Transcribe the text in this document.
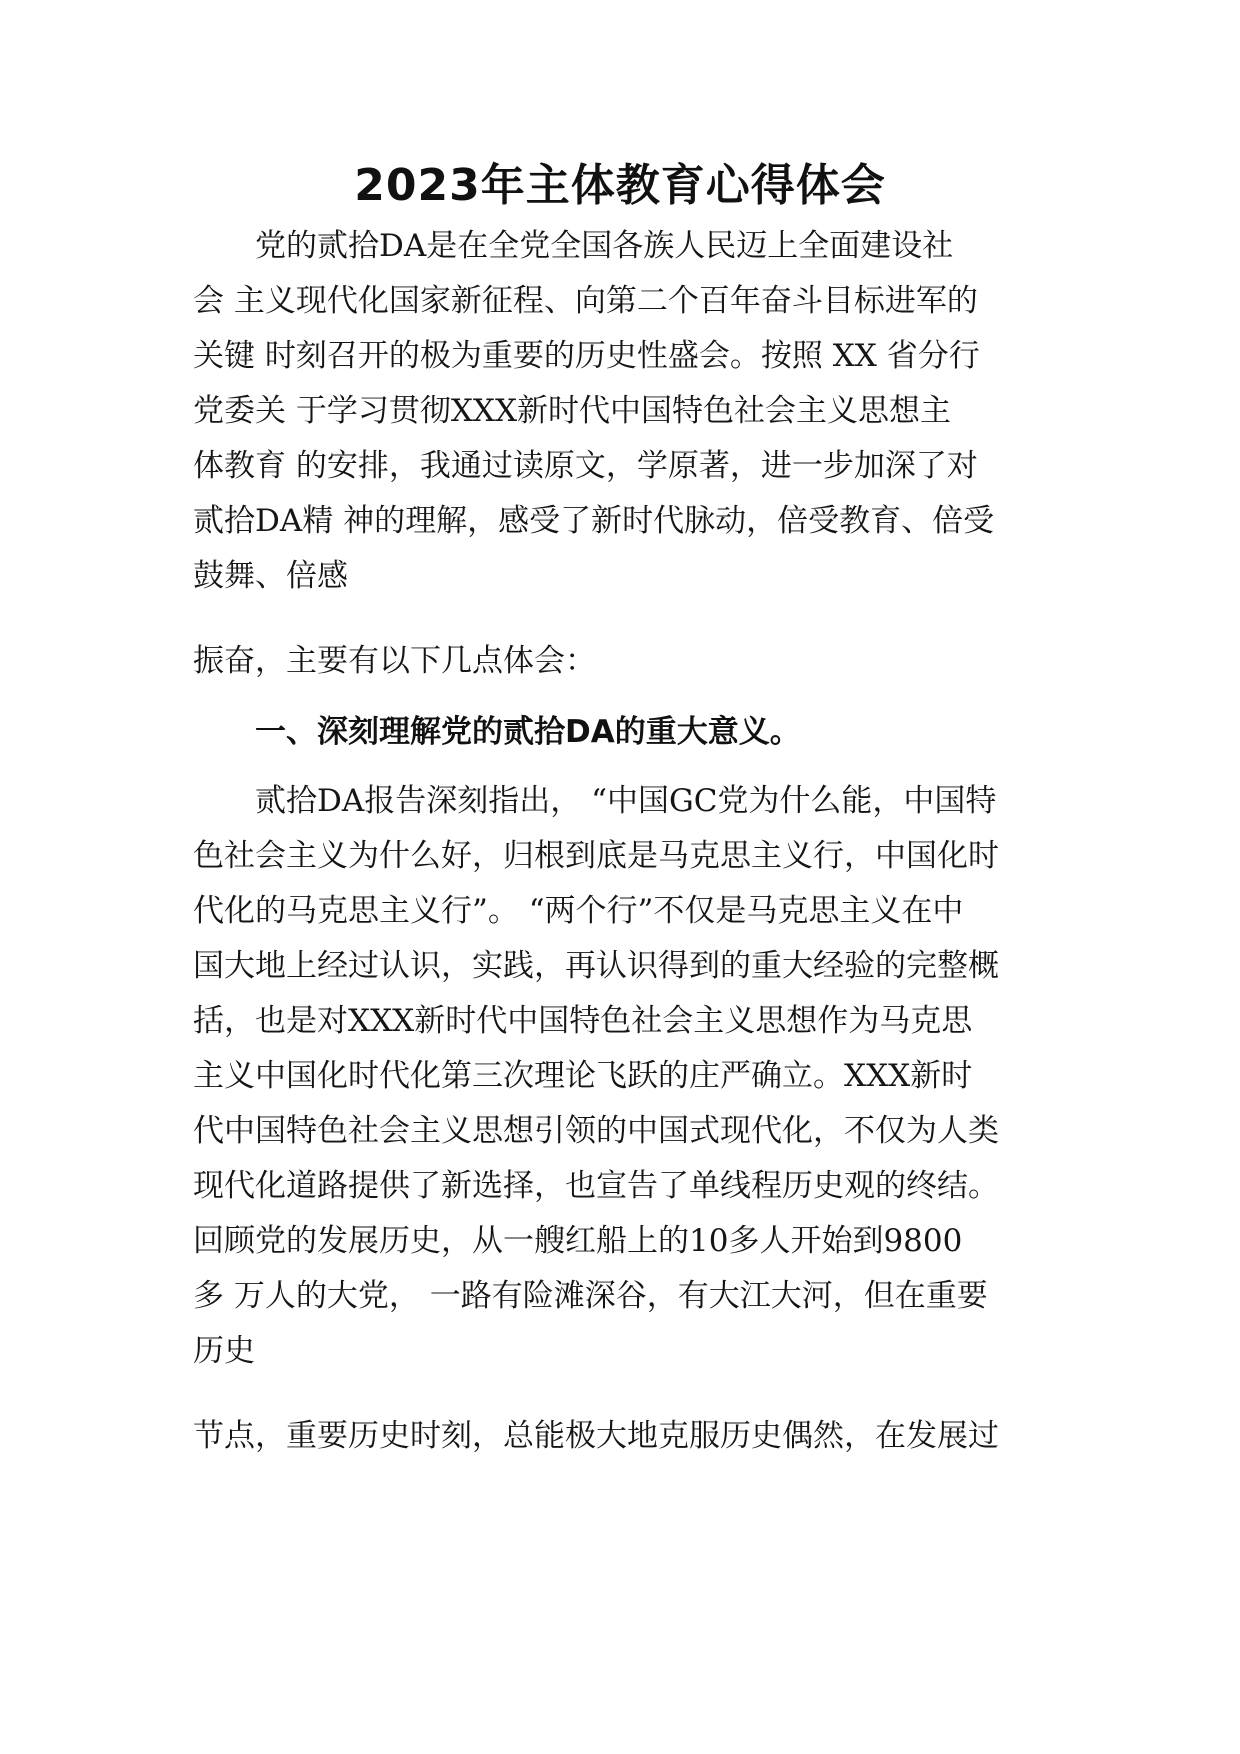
2023年主体教育心得体会
党的贰拾DA是在全党全国各族人民迈上全面建设社
会 主义现代化国家新征程、向第二个百年奋斗目标进军的
关键 时刻召开的极为重要的历史性盛会。按照 XX 省分行
党委关 于学习贯彻XXX新时代中国特色社会主义思想主
体教育 的安排，我通过读原文，学原著，进一步加深了对
贰拾DA精 神的理解，感受了新时代脉动，倍受教育、倍受
鼓舞、倍感
振奋，主要有以下几点体会：
一、深刻理解党的贰拾DA的重大意义。
贰拾DA报告深刻指出， “中国GC党为什么能，中国特
色社会主义为什么好，归根到底是马克思主义行，中国化时
代化的马克思主义行”。 “两个行”不仅是马克思主义在中
国大地上经过认识，实践，再认识得到的重大经验的完整概
括，也是对XXX新时代中国特色社会主义思想作为马克思
主义中国化时代化第三次理论飞跃的庄严确立。XXX新时
代中国特色社会主义思想引领的中国式现代化，不仅为人类
现代化道路提供了新选择，也宣告了单线程历史观的终结。
回顾党的发展历史，从一艘红船上的10多人开始到9800
多 万人的大党， 一路有险滩深谷，有大江大河，但在重要
历史
节点，重要历史时刻，总能极大地克服历史偶然，在发展过
